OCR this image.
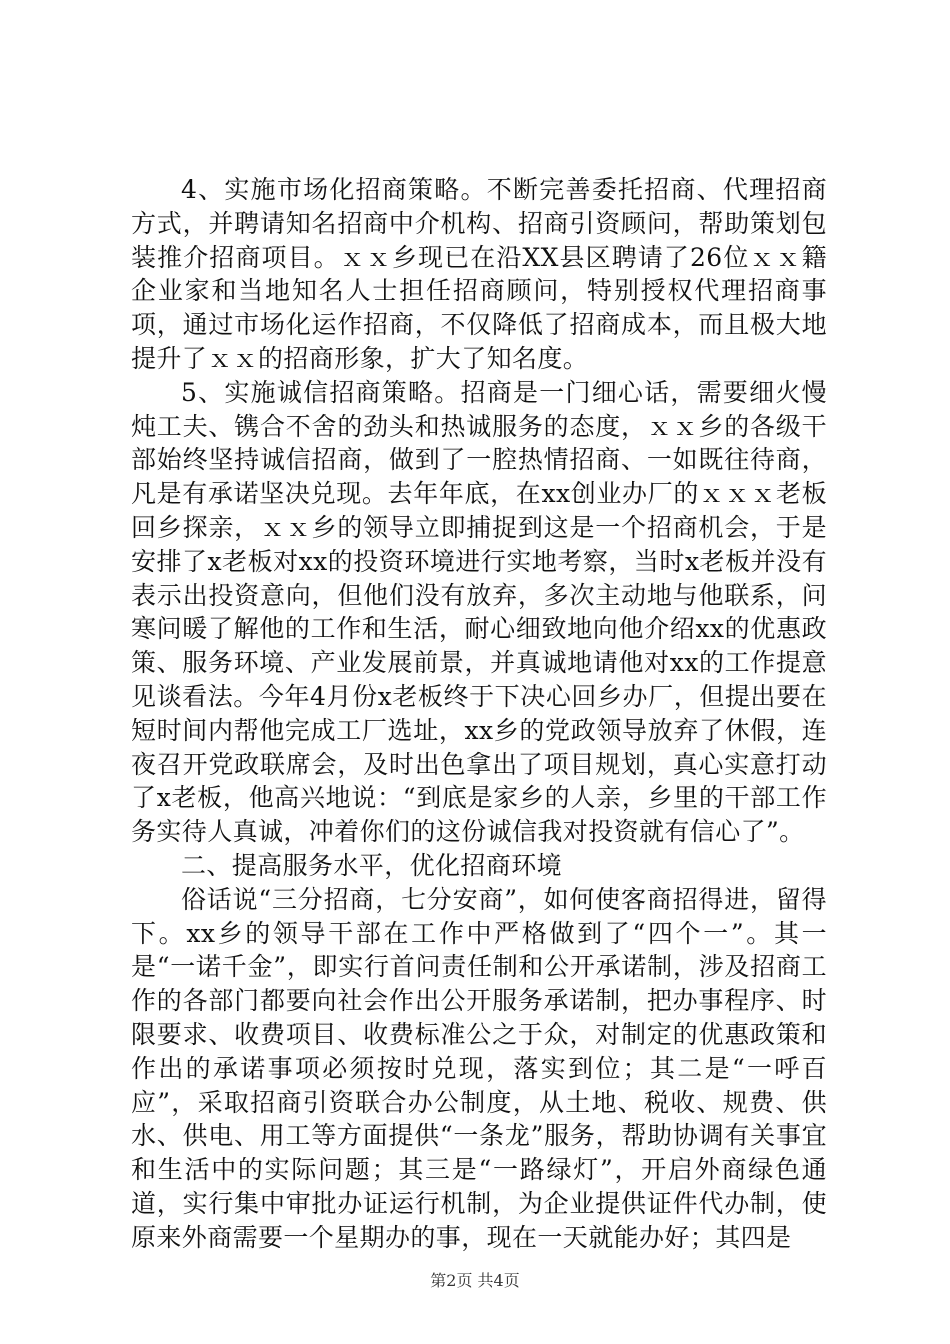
4、实施市场化招商策略。不断完善委托招商、代理招商方式，并聘请知名招商中介机构、招商引资顾问，帮助策划包装推介招商项目。ｘｘ乡现已在沿XX县区聘请了26位ｘｘ籍企业家和当地知名人士担任招商顾问，特别授权代理招商事项，通过市场化运作招商，不仅降低了招商成本，而且极大地提升了ｘｘ的招商形象，扩大了知名度。

5、实施诚信招商策略。招商是一门细心话，需要细火慢炖工夫、镌合不舍的劲头和热诚服务的态度，ｘｘ乡的各级干部始终坚持诚信招商，做到了一腔热情招商、一如既往待商，凡是有承诺坚决兑现。去年年底，在xx创业办厂的ｘｘｘ老板回乡探亲，ｘｘ乡的领导立即捕捉到这是一个招商机会，于是安排了x老板对xx的投资环境进行实地考察，当时x老板并没有表示出投资意向，但他们没有放弃，多次主动地与他联系，问寒问暖了解他的工作和生活，耐心细致地向他介绍xx的优惠政策、服务环境、产业发展前景，并真诚地请他对xx的工作提意见谈看法。今年4月份x老板终于下决心回乡办厂，但提出要在短时间内帮他完成工厂选址，xx乡的党政领导放弃了休假，连夜召开党政联席会，及时出色拿出了项目规划，真心实意打动了x老板，他高兴地说：“到底是家乡的人亲，乡里的干部工作务实待人真诚，冲着你们的这份诚信我对投资就有信心了”。

二、提高服务水平，优化招商环境

俗话说“三分招商，七分安商”，如何使客商招得进，留得下。xx乡的领导干部在工作中严格做到了“四个一”。其一是“一诺千金”，即实行首问责任制和公开承诺制，涉及招商工作的各部门都要向社会作出公开服务承诺制，把办事程序、时限要求、收费项目、收费标准公之于众，对制定的优惠政策和作出的承诺事项必须按时兑现，落实到位；其二是“一呼百应”，采取招商引资联合办公制度，从土地、税收、规费、供水、供电、用工等方面提供“一条龙”服务，帮助协调有关事宜和生活中的实际问题；其三是“一路绿灯”，开启外商绿色通道，实行集中审批办证运行机制，为企业提供证件代办制，使原来外商需要一个星期办的事，现在一天就能办好；其四是

第2页 共4页
